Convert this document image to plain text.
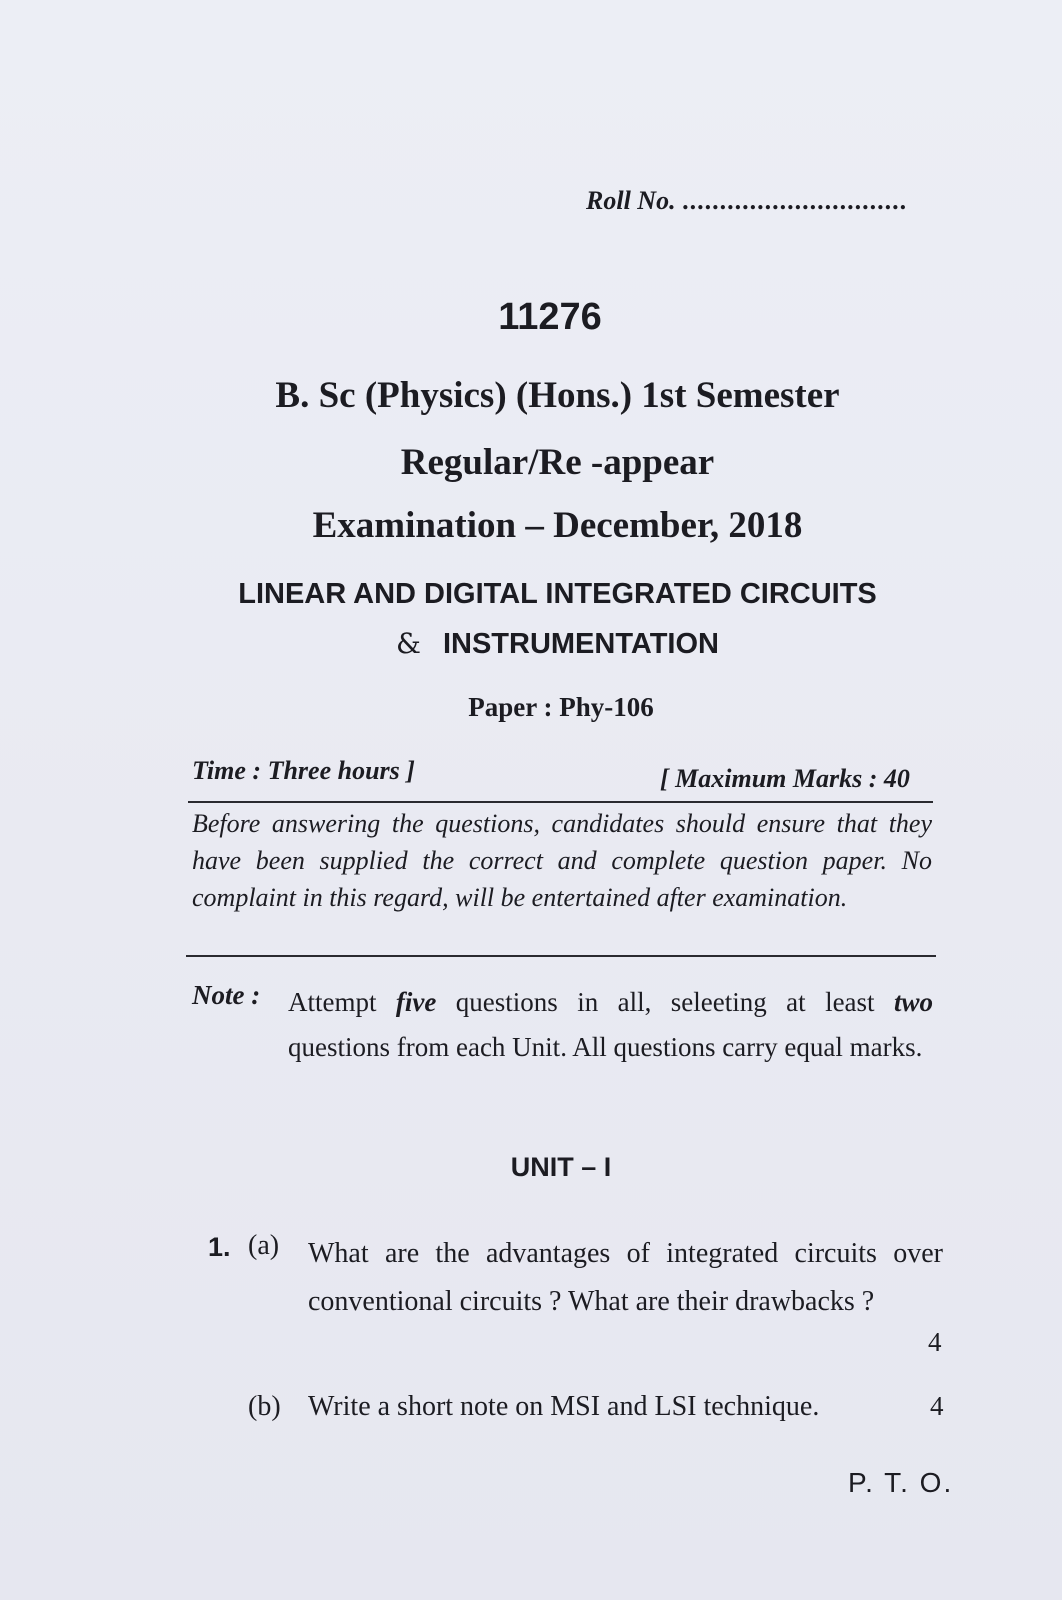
Roll No. ..............................
11276
B. Sc (Physics) (Hons.) 1st Semester
Regular/Re -appear
Examination – December, 2018
LINEAR AND DIGITAL INTEGRATED CIRCUITS
& INSTRUMENTATION
Paper : Phy-106
Time : Three hours ]	[ Maximum Marks : 40
Before answering the questions, candidates should ensure that they have been supplied the correct and complete question paper. No complaint in this regard, will be entertained after examination.
Note : Attempt five questions in all, seleeting at least two questions from each Unit. All questions carry equal marks.
UNIT – I
1. (a) What are the advantages of integrated circuits over conventional circuits ? What are their drawbacks ?
4
(b) Write a short note on MSI and LSI technique.	4
P. T. O.
